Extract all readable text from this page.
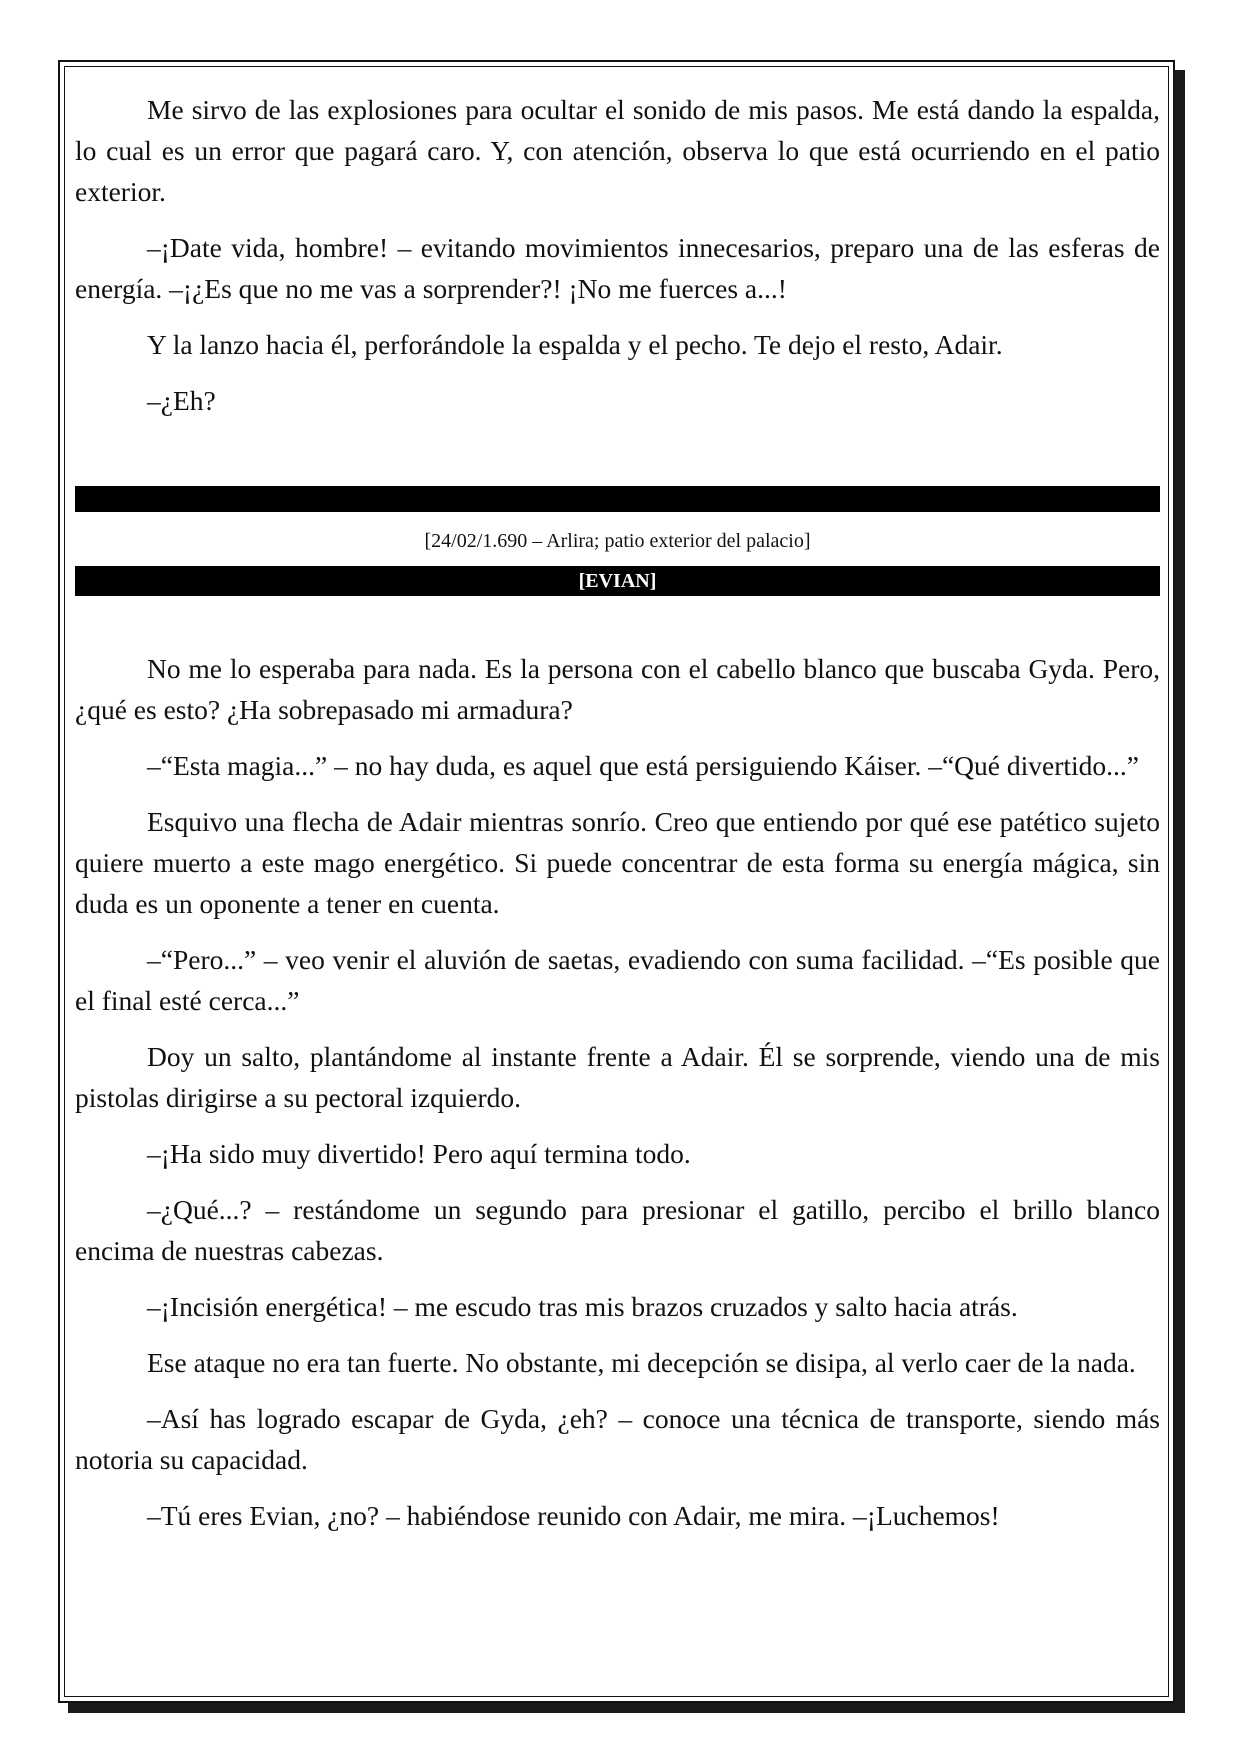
Me sirvo de las explosiones para ocultar el sonido de mis pasos. Me está dando la espalda, lo cual es un error que pagará caro. Y, con atención, observa lo que está ocurriendo en el patio exterior.

–¡Date vida, hombre! – evitando movimientos innecesarios, preparo una de las esferas de energía. –¡¿Es que no me vas a sorprender?! ¡No me fuerces a...!

Y la lanzo hacia él, perforándole la espalda y el pecho. Te dejo el resto, Adair.

–¿Eh?

[24/02/1.690 – Arlira; patio exterior del palacio]
[EVIAN]

No me lo esperaba para nada. Es la persona con el cabello blanco que buscaba Gyda. Pero, ¿qué es esto? ¿Ha sobrepasado mi armadura?

–“Esta magia...” – no hay duda, es aquel que está persiguiendo Káiser. –“Qué divertido...”

Esquivo una flecha de Adair mientras sonrío. Creo que entiendo por qué ese patético sujeto quiere muerto a este mago energético. Si puede concentrar de esta forma su energía mágica, sin duda es un oponente a tener en cuenta.

–“Pero...” – veo venir el aluvión de saetas, evadiendo con suma facilidad. –“Es posible que el final esté cerca...”

Doy un salto, plantándome al instante frente a Adair. Él se sorprende, viendo una de mis pistolas dirigirse a su pectoral izquierdo.

–¡Ha sido muy divertido! Pero aquí termina todo.

–¿Qué...? – restándome un segundo para presionar el gatillo, percibo el brillo blanco encima de nuestras cabezas.

–¡Incisión energética! – me escudo tras mis brazos cruzados y salto hacia atrás.

Ese ataque no era tan fuerte. No obstante, mi decepción se disipa, al verlo caer de la nada.

–Así has logrado escapar de Gyda, ¿eh? – conoce una técnica de transporte, siendo más notoria su capacidad.

–Tú eres Evian, ¿no? – habiéndose reunido con Adair, me mira. –¡Luchemos!
